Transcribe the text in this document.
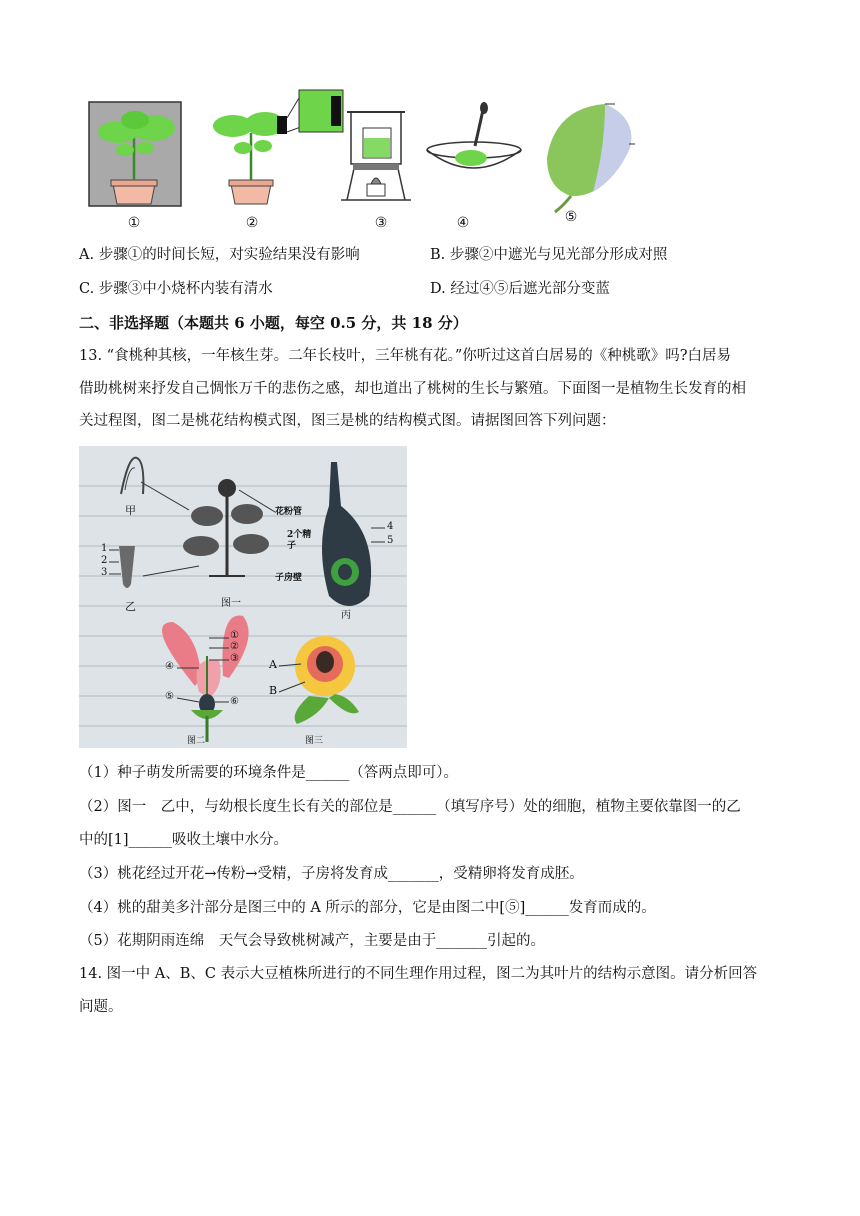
①	②	③	④	⑤
A. 步骤①的时间长短，对实验结果没有影响	B. 步骤②中遮光与见光部分形成对照
C. 步骤③中小烧杯内装有清水	D. 经过④⑤后遮光部分变蓝
二、非选择题（本题共 6 小题，每空 0.5 分，共 18 分）
13. “食桃种其核，一年核生芽。二年长枝叶，三年桃有花。”你听过这首白居易的《种桃歌》吗?白居易
借助桃树来抒发自己惆怅万千的悲伤之感，却也道出了桃树的生长与繁殖。下面图一是植物生长发育的相
关过程图，图二是桃花结构模式图，图三是桃的结构模式图。请据图回答下列问题：
甲
1
2
3
乙	图一
花粉管
2个精子
子房壁
4
5
丙
①
②
③
④
⑤	⑥
图二
A
B
图三
（1）种子萌发所需要的环境条件是______（答两点即可）。
（2）图一　乙中，与幼根长度生长有关的部位是______（填写序号）处的细胞，植物主要依靠图一的乙
中的[1]______吸收土壤中水分。
（3）桃花经过开花→传粉→受精，子房将发育成_______，受精卵将发育成胚。
（4）桃的甜美多汁部分是图三中的 A 所示的部分，它是由图二中[⑤]______发育而成的。
（5）花期阴雨连绵　天气会导致桃树减产，主要是由于_______引起的。
14. 图一中 A、B、C 表示大豆植株所进行的不同生理作用过程，图二为其叶片的结构示意图。请分析回答
问题。
